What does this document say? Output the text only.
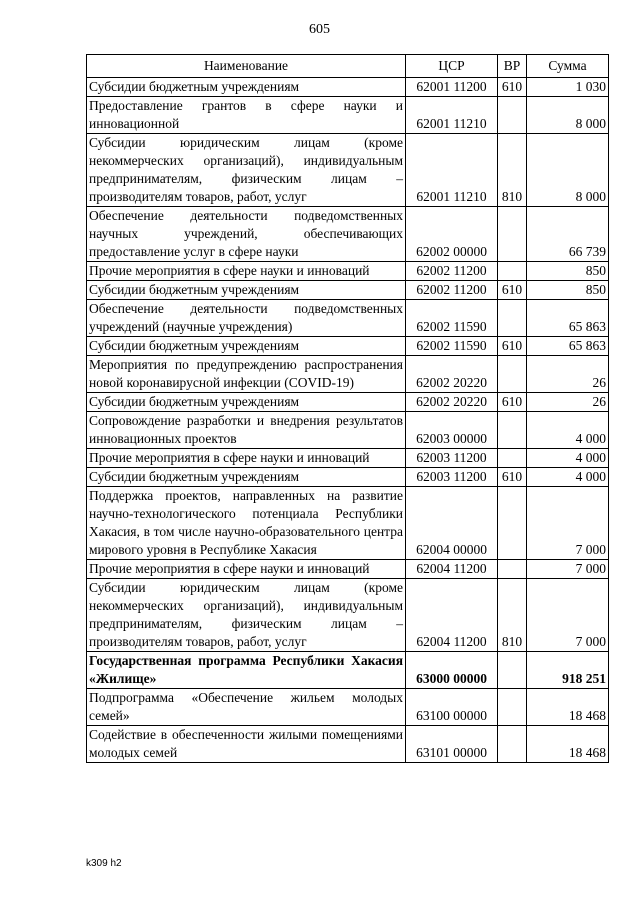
605
Наименование	ЦСР	ВР	Сумма
Субсидии бюджетным учреждениям	62001 11200	610	1 030
Предоставление грантов в сфере науки и инновационной	62001 11210		8 000
Субсидии юридическим лицам (кроме некоммерческих организаций), индивидуальным предпринимателям, физическим лицам – производителям товаров, работ, услуг	62001 11210	810	8 000
Обеспечение деятельности подведомственных научных учреждений, обеспечивающих предоставление услуг в сфере науки	62002 00000		66 739
Прочие мероприятия в сфере науки и инноваций	62002 11200		850
Субсидии бюджетным учреждениям	62002 11200	610	850
Обеспечение деятельности подведомственных учреждений (научные учреждения)	62002 11590		65 863
Субсидии бюджетным учреждениям	62002 11590	610	65 863
Мероприятия по предупреждению распространения новой коронавирусной инфекции (COVID-19)	62002 20220		26
Субсидии бюджетным учреждениям	62002 20220	610	26
Сопровождение разработки и внедрения результатов инновационных проектов	62003 00000		4 000
Прочие мероприятия в сфере науки и инноваций	62003 11200		4 000
Субсидии бюджетным учреждениям	62003 11200	610	4 000
Поддержка проектов, направленных на развитие научно-технологического потенциала Республики Хакасия, в том числе научно-образовательного центра мирового уровня в Республике Хакасия	62004 00000		7 000
Прочие мероприятия в сфере науки и инноваций	62004 11200		7 000
Субсидии юридическим лицам (кроме некоммерческих организаций), индивидуальным предпринимателям, физическим лицам – производителям товаров, работ, услуг	62004 11200	810	7 000
Государственная программа Республики Хакасия «Жилище»	63000 00000		918 251
Подпрограмма «Обеспечение жильем молодых семей»	63100 00000		18 468
Содействие в обеспеченности жилыми помещениями молодых семей	63101 00000		18 468
k309 h2
